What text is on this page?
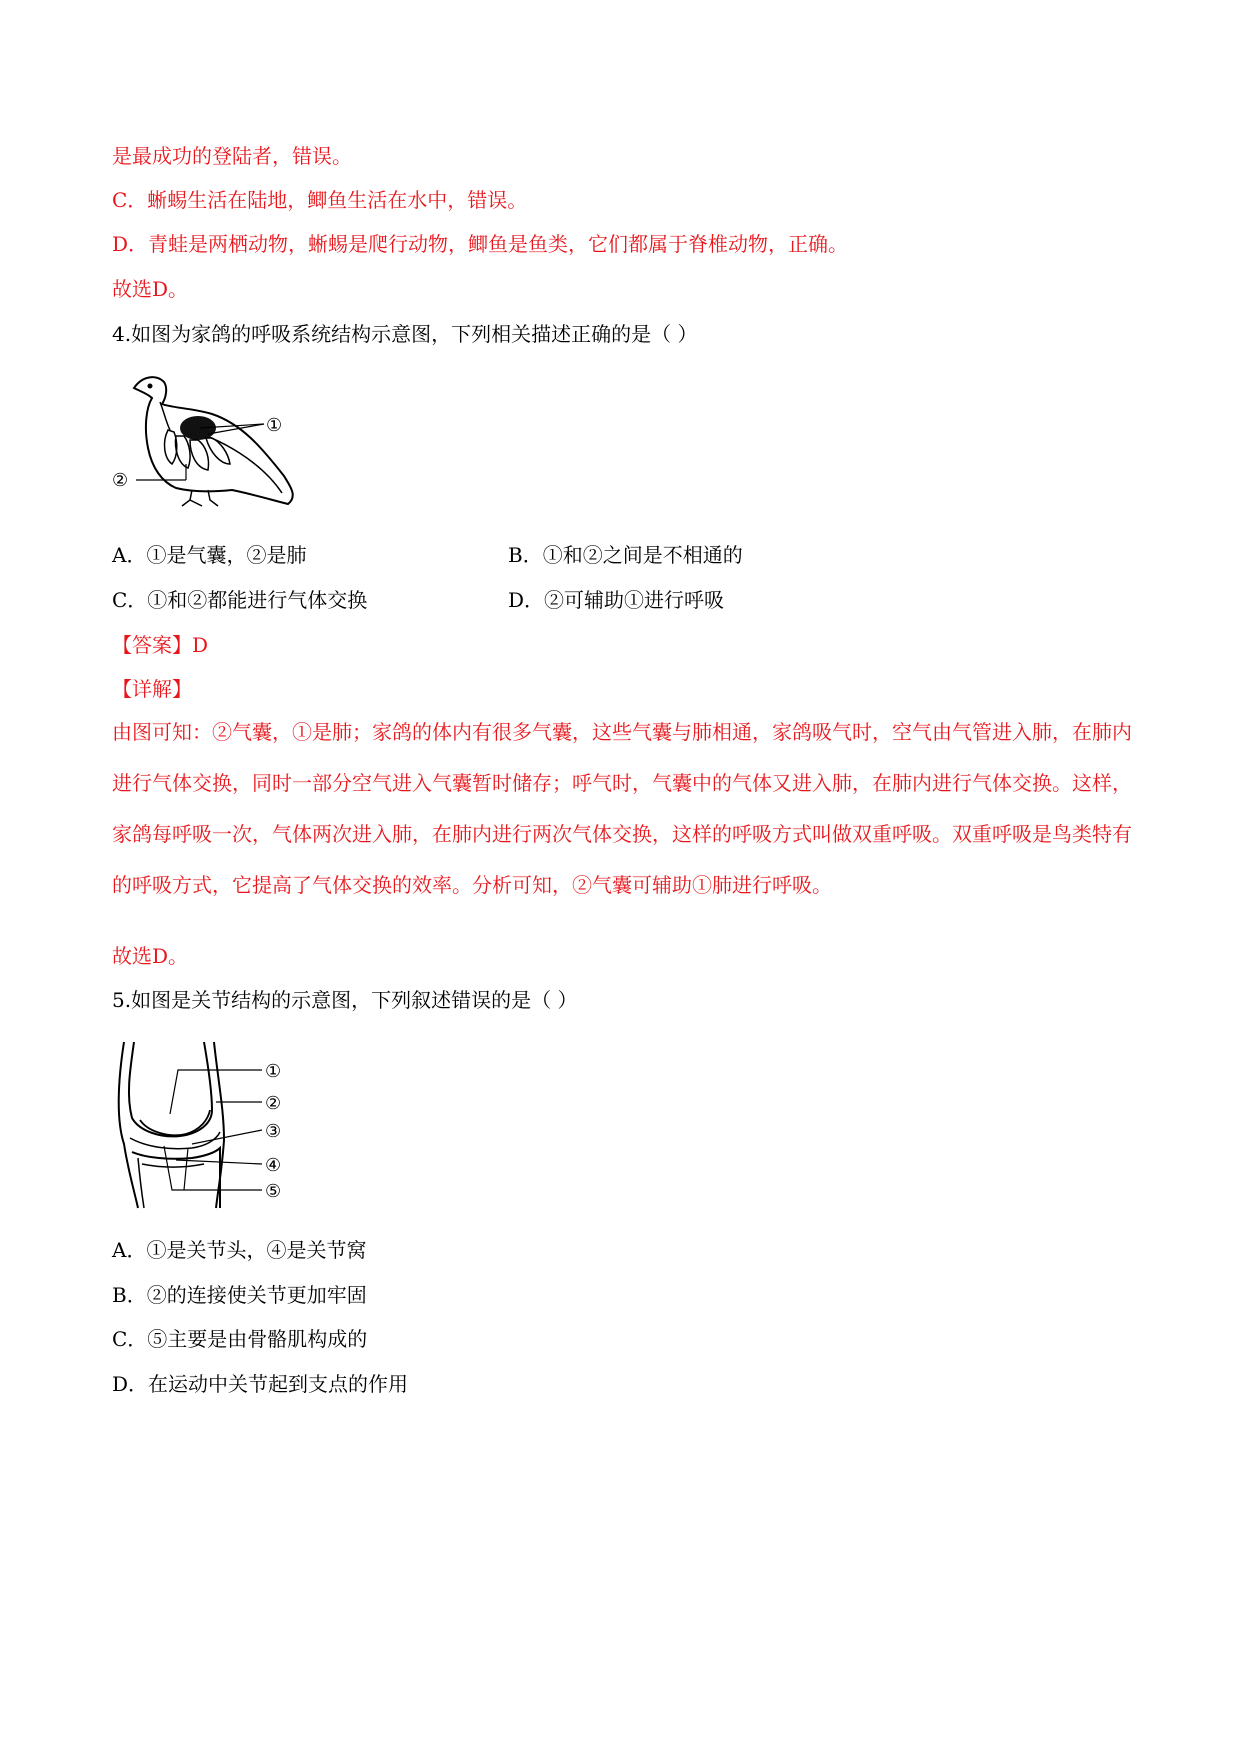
是最成功的登陆者，错误。
C．蜥蜴生活在陆地，鲫鱼生活在水中，错误。
D．青蛙是两栖动物，蜥蜴是爬行动物，鲫鱼是鱼类，它们都属于脊椎动物，正确。
故选D。
4.如图为家鸽的呼吸系统结构示意图，下列相关描述正确的是（ ）
①
②
A．①是气囊，②是肺	B．①和②之间是不相通的
C．①和②都能进行气体交换	D．②可辅助①进行呼吸
【答案】D
【详解】
由图可知：②气囊，①是肺；家鸽的体内有很多气囊，这些气囊与肺相通，家鸽吸气时，空气由气管进入肺，在肺内进行气体交换，同时一部分空气进入气囊暂时储存；呼气时，气囊中的气体又进入肺，在肺内进行气体交换。这样，家鸽每呼吸一次，气体两次进入肺，在肺内进行两次气体交换，这样的呼吸方式叫做双重呼吸。双重呼吸是鸟类特有的呼吸方式，它提高了气体交换的效率。分析可知，②气囊可辅助①肺进行呼吸。
故选D。
5.如图是关节结构的示意图，下列叙述错误的是（ ）
①
②
③
④
⑤
A．①是关节头，④是关节窝
B．②的连接使关节更加牢固
C．⑤主要是由骨骼肌构成的
D．在运动中关节起到支点的作用
